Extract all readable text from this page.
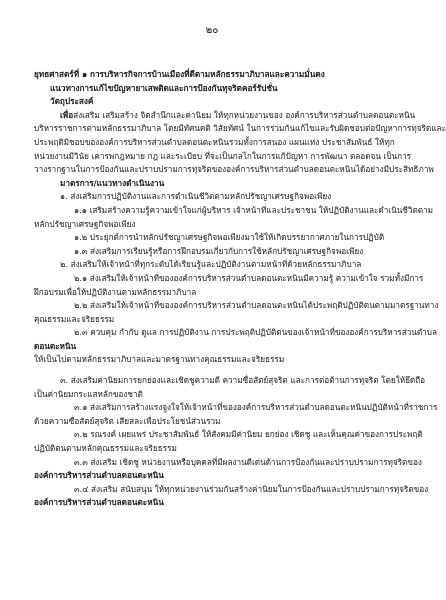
๒๐
ยุทธศาสตร์ที่ ๑ การบริหารกิจการบ้านเมืองที่ดีตามหลักธรรมาภิบาลและความมั่นคง
แนวทางการแก้ไขปัญหายาเสพติดและการป้องกันทุจริตคอร์รัปชั่น
วัตถุประสงค์
เพื่อส่งเสริม เสริมสร้าง จิตสำนึกและค่านิยม ให้ทุกหน่วยงานของ องค์การบริหารส่วนตำบลดอนตะหนิน
บริหารราชการตามหลักธรรมาภิบาล โดยมีทัศนคติ วิสัยทัศน์ ในการร่วมกันแก้ไขและรับผิดชอบต่อปัญหาการทุจริตและ
ประพฤติมิชอบขององค์การบริหารส่วนตำบลดอนตะหนินรวมทั้งการสนอง แผนแห่ง ประชาสัมพันธ์ ให้ทุก
หน่วยงานมีวินัย เคารพกฎหมาย กฎ และระเบียบ ที่จะเป็นกลไกในการแก้ปัญหา การพัฒนา ตลอดจน เป็นการ
วางรากฐานในการป้องกันและปราบปรามการทุจริตขององค์การบริหารส่วนตำบลดอนตะหนินได้อย่างมีประสิทธิภาพ
มาตรการ/แนวทางดำเนินงาน
๑. ส่งเสริมการปฏิบัติงานและการดำเนินชีวิตตามหลักปรัชญาเศรษฐกิจพอเพียง
๑.๑ เสริมสร้างความรู้ความเข้าใจแก่ผู้บริหาร เจ้าหน้าที่และประชาชน ให้ปฏิบัติงานและดำเนินชีวิตตาม
หลักปรัชญาเศรษฐกิจพอเพียง
๑.๒ ประยุกต์การนำหลักปรัชญาเศรษฐกิจพอเพียงมาใช้ให้เกิดบรรยากาศภายในการปฏิบัติ
๑.๓ ส่งเสริมการเรียนรู้หรือการฝึกอบรมเกี่ยวกับการใช้หลักปรัชญาเศรษฐกิจพอเพียง
๒. ส่งเสริมให้เจ้าหน้าที่ทุกระดับได้เรียนรู้และปฏิบัติงานตามหน้าที่ด้วยหลักธรรมาภิบาล
๒.๑ ส่งเสริมให้เจ้าหน้าที่ขององค์การบริหารส่วนตำบลดอนตะหนินมีความรู้ ความเข้าใจ รวมทั้งมีการ
ฝึกอบรมเพื่อให้ปฏิบัติงานตามหลักธรรมาภิบาล
๒.๒ ส่งเสริมให้เจ้าหน้าที่ขององค์การบริหารส่วนตำบลดอนตะหนินได้ประพฤติปฏิบัติตนตามมาตรฐานทาง
คุณธรรมและจริยธรรม
๒.๓ ควบคุม กำกับ ดูแล การปฏิบัติงาน การประพฤติปฏิบัติตนของเจ้าหน้าที่ขององค์การบริหารส่วนตำบล
ดอนตะหนิน
ให้เป็นไปตามหลักธรรมาภิบาลและมาตรฐานทางคุณธรรมและจริยธรรม
๓. ส่งเสริมค่านิยมการยกย่องและเชิดชูความดี ความซื่อสัตย์สุจริต และการต่อต้านการทุจริต โดยให้ยึดถือ
เป็นค่านิยมกระแสหลักของชาติ
๓.๑ ส่งเสริมการสร้างแรงจูงใจให้เจ้าหน้าที่ขององค์การบริหารส่วนตำบลดอนตะหนินปฏิบัติหน้าที่ราชการ
ด้วยความซื่อสัตย์สุจริต เสียสละเพื่อประโยชน์ส่วนรวม
๓.๒ รณรงค์ เผยแพร่ ประชาสัมพันธ์ ให้สังคมมีค่านิยม ยกย่อง เชิดชู และเห็นคุณค่าของการประพฤติ
ปฏิบัติตนตามหลักคุณธรรมและจริยธรรม
๓.๓ ส่งเสริม เชิดชู หน่วยงานหรือบุคคลที่มีผลงานดีเด่นด้านการป้องกันและปราบปรามการทุจริตของ
องค์การบริหารส่วนตำบลดอนตะหนิน
๓.๔ ส่งเสริม สนับสนุน ให้ทุกหน่วยงานร่วมกันสร้างค่านิยมในการป้องกันและปราบปรามการทุจริตของ
องค์การบริหารส่วนตำบลดอนตะหนิน
